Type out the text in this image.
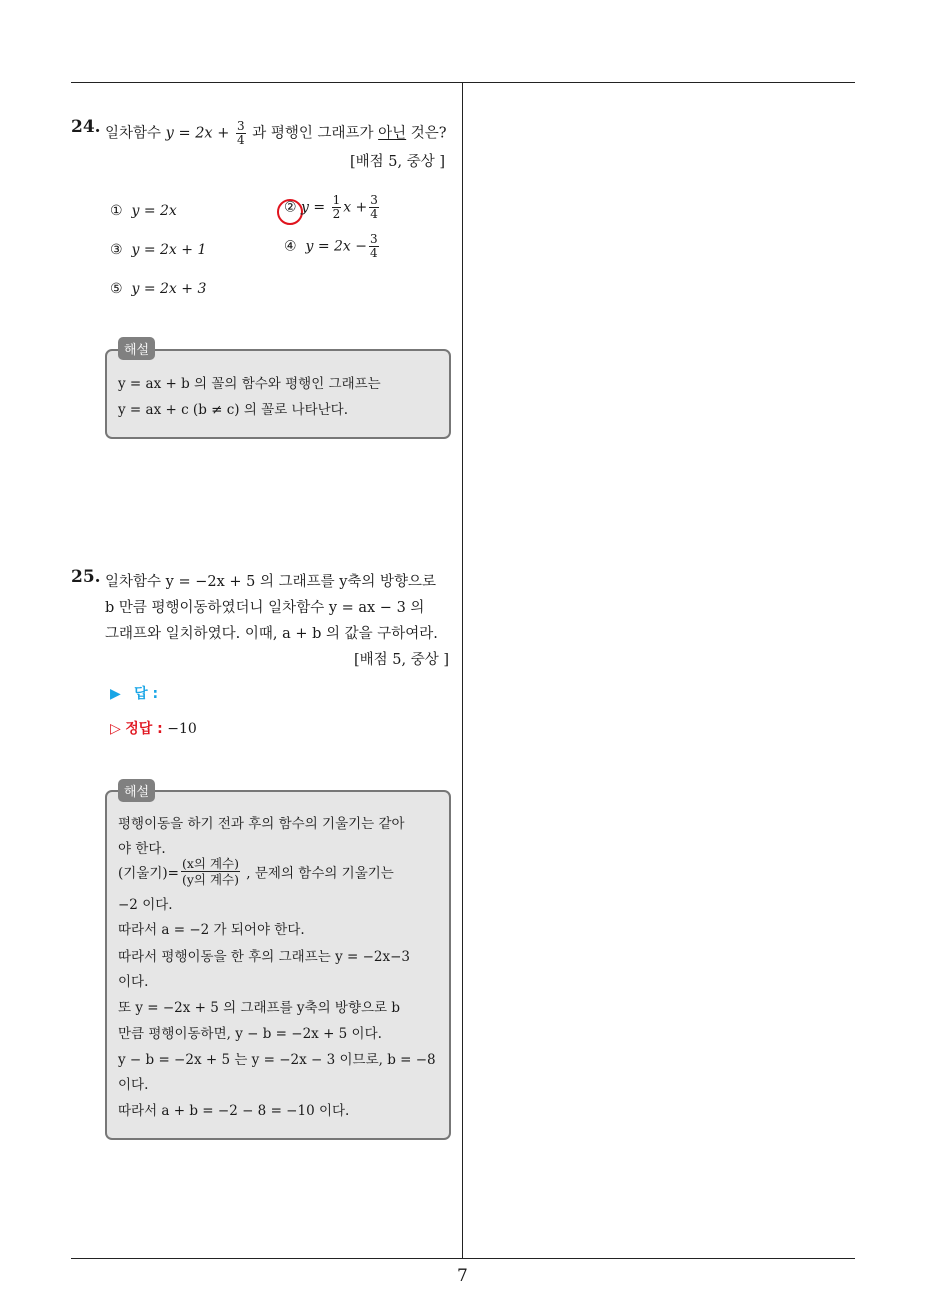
7
24. 일차함수 $y = 2x + \frac{3}{4}$ 과 평행인 그래프가 아닌 것은?
[배점 5, 중상 ]
① y = 2x	② $y = \frac{1}{2}$ $x + \frac{3}{4}$
③ y = 2x + 1	④ $y = 2x - \frac{3}{4}$
⑤ y = 2x + 3
해설
y = ax + b 의 꼴의 함수와 평행인 그래프는
y = ax + c (b ≠ c) 의 꼴로 나타난다.
25. 일차함수 y = −2x + 5 의 그래프를 y축의 방향으로
b 만큼 평행이동하였더니 일차함수 y = ax − 3 의
그래프와 일치하였다. 이때, a + b 의 값을 구하여라.
[배점 5, 중상 ]
▶ 답 :
▷ 정답 : −10
해설
평행이동을 하기 전과 후의 함수의 기울기는 같아
야 한다.
(기울기)= $\frac{\text{(x의 계수)}}{\text{(y의 계수)}}$ , 문제의 함수의 기울기는
−2 이다.
따라서 a = −2 가 되어야 한다.
따라서 평행이동을 한 후의 그래프는 y = −2x−3
이다.
또 y = −2x + 5 의 그래프를 y축의 방향으로 b
만큼 평행이동하면, y − b = −2x + 5 이다.
y − b = −2x + 5 는 y = −2x − 3 이므로, b = −8
이다.
따라서 a + b = −2 − 8 = −10 이다.
